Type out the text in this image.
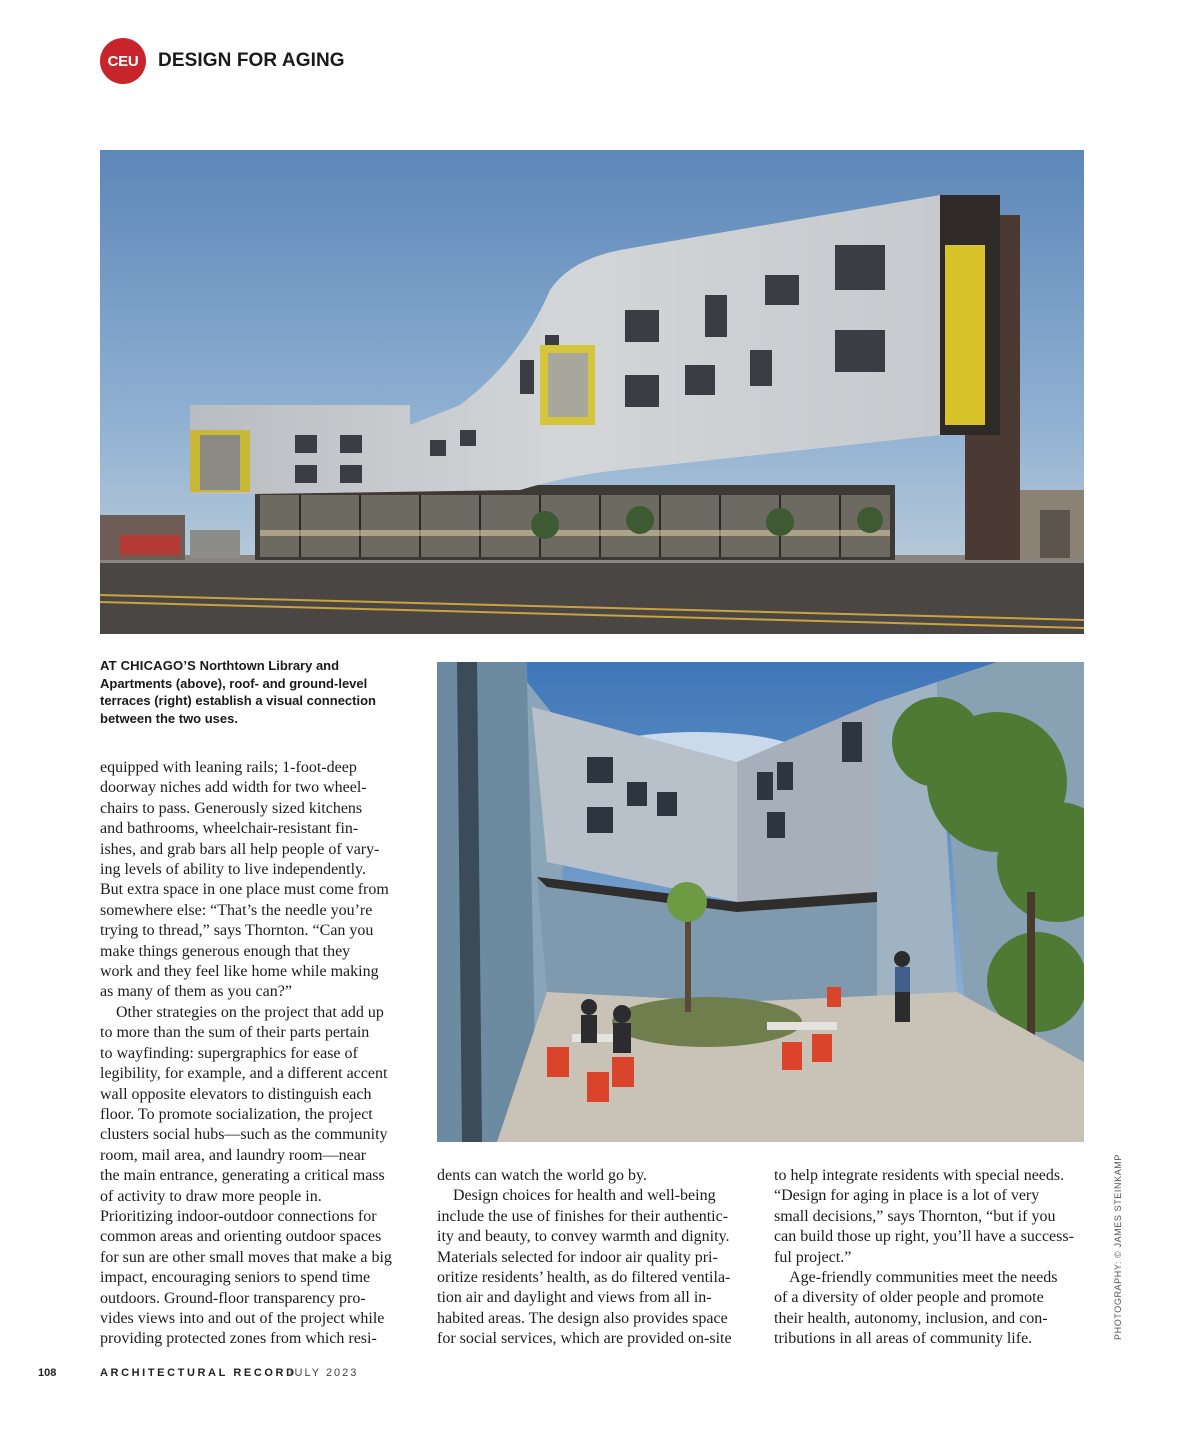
CEU	DESIGN FOR AGING

AT CHICAGO’S Northtown Library and Apartments (above), roof- and ground-level terraces (right) establish a visual connection between the two uses.

equipped with leaning rails; 1-foot-deep
doorway niches add width for two wheel-
chairs to pass. Generously sized kitchens
and bathrooms, wheelchair-resistant fin-
ishes, and grab bars all help people of vary-
ing levels of ability to live independently.
But extra space in one place must come from
somewhere else: “That’s the needle you’re
trying to thread,” says Thornton. “Can you
make things generous enough that they
work and they feel like home while making
as many of them as you can?”
Other strategies on the project that add up
to more than the sum of their parts pertain
to wayfinding: supergraphics for ease of
legibility, for example, and a different accent
wall opposite elevators to distinguish each
floor. To promote socialization, the project
clusters social hubs—such as the community
room, mail area, and laundry room—near
the main entrance, generating a critical mass
of activity to draw more people in.
Prioritizing indoor-outdoor connections for
common areas and orienting outdoor spaces
for sun are other small moves that make a big
impact, encouraging seniors to spend time
outdoors. Ground-floor transparency pro-
vides views into and out of the project while
providing protected zones from which resi-
dents can watch the world go by.
Design choices for health and well-being
include the use of finishes for their authentic-
ity and beauty, to convey warmth and dignity.
Materials selected for indoor air quality pri-
oritize residents’ health, as do filtered ventila-
tion air and daylight and views from all in-
habited areas. The design also provides space
for social services, which are provided on-site
to help integrate residents with special needs.
“Design for aging in place is a lot of very
small decisions,” says Thornton, “but if you
can build those up right, you’ll have a success-
ful project.”
Age-friendly communities meet the needs
of a diversity of older people and promote
their health, autonomy, inclusion, and con-
tributions in all areas of community life.	PHOTOGRAPHY: © JAMES STEINKAMP
108	ARCHITECTURAL RECORD
JULY 2023
